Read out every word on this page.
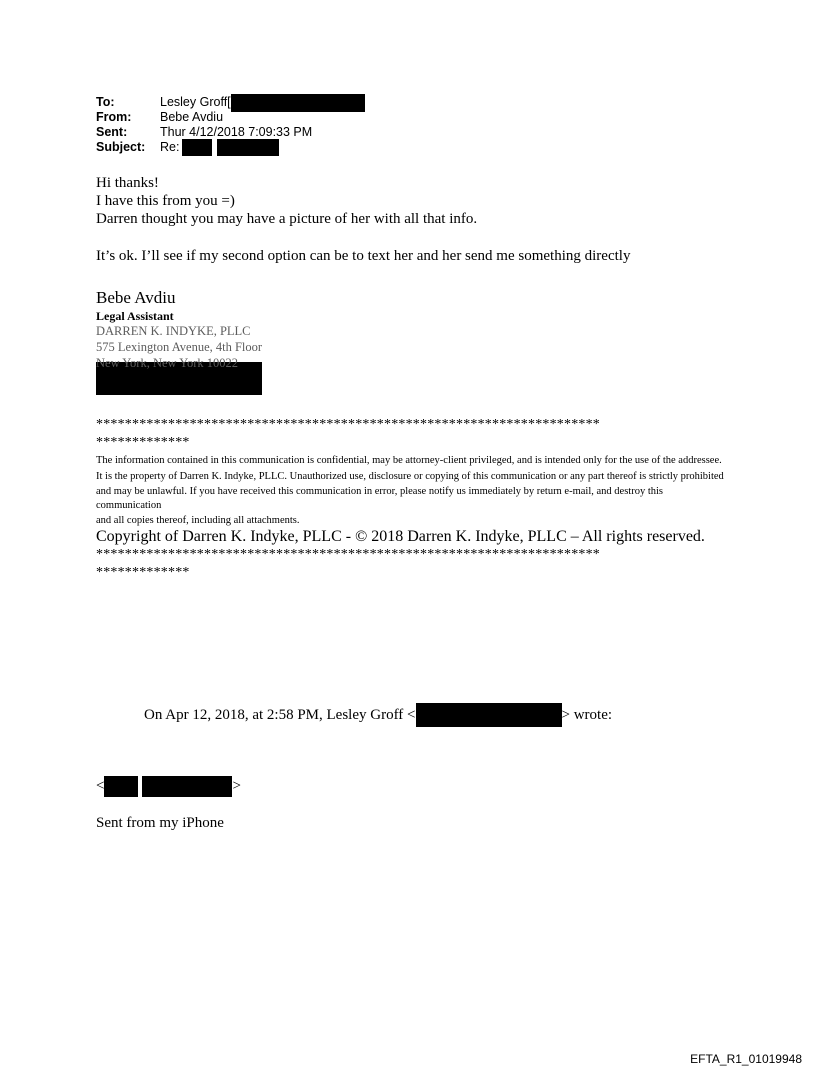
To:	Lesley Groff[
From:	Bebe Avdiu
Sent:	Thur 4/12/2018 7:09:33 PM
Subject:	Re:

Hi thanks!

I have this from you =)

Darren thought you may have a picture of her with all that info.

It’s ok. I’ll see if my second option can be to text her and her send me something directly

Bebe Avdiu
Legal Assistant
DARREN K. INDYKE, PLLC
575 Lexington Avenue, 4th Floor
New York, New York 10022
**********************************************************************
*************

The information contained in this communication is confidential, may be attorney-client privileged, and is intended only for the use of the addressee.

It is the property of Darren K. Indyke, PLLC. Unauthorized use, disclosure or copying of this communication or any part thereof is strictly prohibited

and may be unlawful. If you have received this communication in error, please notify us immediately by return e-mail, and destroy this communication

and all copies thereof, including all attachments.

Copyright of Darren K. Indyke, PLLC - © 2018 Darren K. Indyke, PLLC – All rights reserved.
**********************************************************************
*************
On Apr 12, 2018, at 2:58 PM, Lesley Groff <	> wrote:
<	>
Sent from my iPhone
EFTA_R1_01019948
